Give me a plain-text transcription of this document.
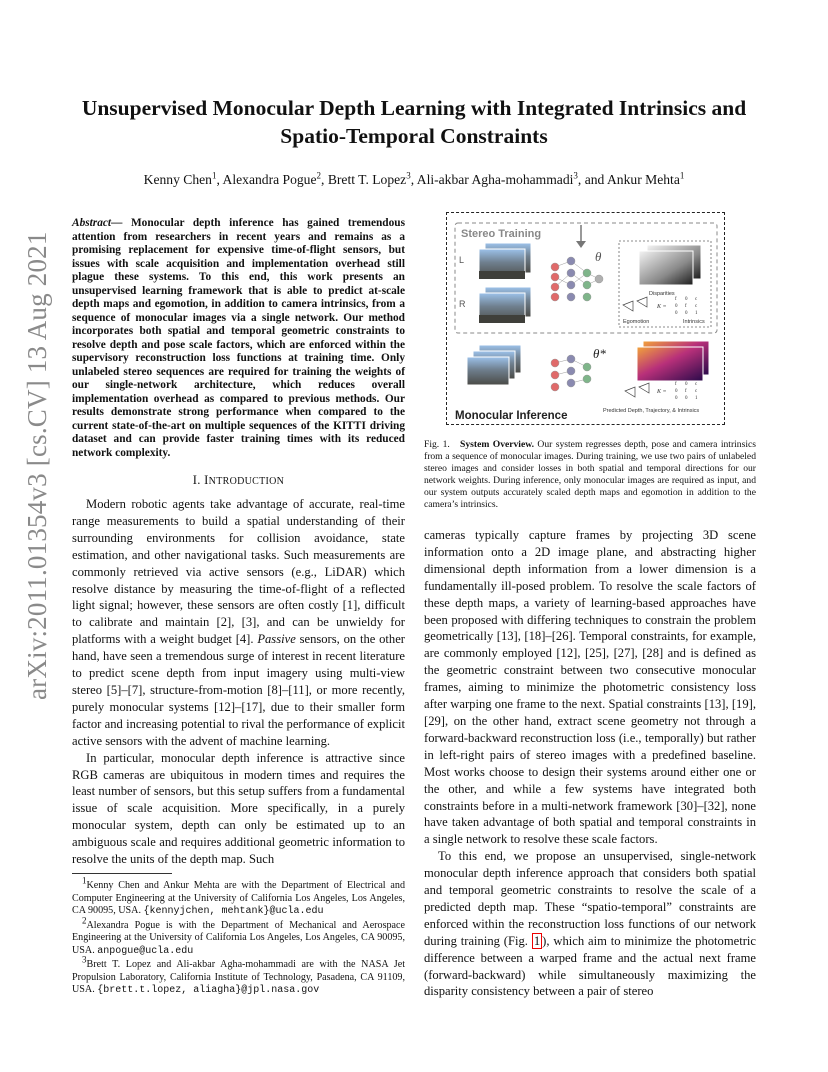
Unsupervised Monocular Depth Learning with Integrated Intrinsics and Spatio-Temporal Constraints
Kenny Chen$^1$, Alexandra Pogue$^2$, Brett T. Lopez$^3$, Ali-akbar Agha-mohammadi$^3$, and Ankur Mehta$^1$
arXiv:2011.01354v3 [cs.CV] 13 Aug 2021
Abstract— Monocular depth inference has gained tremendous attention from researchers in recent years and remains as a promising replacement for expensive time-of-flight sensors, but issues with scale acquisition and implementation overhead still plague these systems. To this end, this work presents an unsupervised learning framework that is able to predict at-scale depth maps and egomotion, in addition to camera intrinsics, from a sequence of monocular images via a single network. Our method incorporates both spatial and temporal geometric constraints to resolve depth and pose scale factors, which are enforced within the supervisory reconstruction loss functions at training time. Only unlabeled stereo sequences are required for training the weights of our single-network architecture, which reduces overall implementation overhead as compared to previous methods. Our results demonstrate strong performance when compared to the current state-of-the-art on multiple sequences of the KITTI driving dataset and can provide faster training times with its reduced network complexity.
I. INTRODUCTION

Modern robotic agents take advantage of accurate, real-time range measurements to build a spatial understanding of their surrounding environments for collision avoidance, state estimation, and other navigational tasks. Such measurements are commonly retrieved via active sensors (e.g., LiDAR) which resolve distance by measuring the time-of-flight of a reflected light signal; however, these sensors are often costly [1], difficult to calibrate and maintain [2], [3], and can be unwieldy for platforms with a weight budget [4]. Passive sensors, on the other hand, have seen a tremendous surge of interest in recent literature to predict scene depth from input imagery using multi-view stereo [5]–[7], structure-from-motion [8]–[11], or more recently, purely monocular systems [12]–[17], due to their smaller form factor and increasing potential to rival the performance of explicit active sensors with the advent of machine learning.

In particular, monocular depth inference is attractive since RGB cameras are ubiquitous in modern times and requires the least number of sensors, but this setup suffers from a fundamental issue of scale acquisition. More specifically, in a purely monocular system, depth can only be estimated up to an ambiguous scale and requires additional geometric information to resolve the units of the depth map. Such

$^1$Kenny Chen and Ankur Mehta are with the Department of Electrical and Computer Engineering at the University of California Los Angeles, Los Angeles, CA 90095, USA. {kennyjchen, mehtank}@ucla.edu

$^2$Alexandra Pogue is with the Department of Mechanical and Aerospace Engineering at the University of California Los Angeles, Los Angeles, CA 90095, USA. anpogue@ucla.edu

$^3$Brett T. Lopez and Ali-akbar Agha-mohammadi are with the NASA Jet Propulsion Laboratory, California Institute of Technology, Pasadena, CA 91109, USA. {brett.t.lopez, aliagha}@jpl.nasa.gov

Stereo Training
L
R
θ
Disparities
Egomotion
K =
f 0 c
0 f c
0 0 1
Intrinsics
θ*
K =
f 0 c
0 f c
0 0 1
Monocular Inference	Predicted Depth, Trajectory, & Intrinsics
Fig. 1. System Overview. Our system regresses depth, pose and camera intrinsics from a sequence of monocular images. During training, we use two pairs of unlabeled stereo images and consider losses in both spatial and temporal directions for our network weights. During inference, only monocular images are required as input, and our system outputs accurately scaled depth maps and egomotion in addition to the camera’s intrinsics.

cameras typically capture frames by projecting 3D scene information onto a 2D image plane, and abstracting higher dimensional depth information from a lower dimension is a fundamentally ill-posed problem. To resolve the scale factors of these depth maps, a variety of learning-based approaches have been proposed with differing techniques to constrain the problem geometrically [13], [18]–[26]. Temporal constraints, for example, are commonly employed [12], [25], [27], [28] and is defined as the geometric constraint between two consecutive monocular frames, aiming to minimize the photometric consistency loss after warping one frame to the next. Spatial constraints [13], [19], [29], on the other hand, extract scene geometry not through a forward-backward reconstruction loss (i.e., temporally) but rather in left-right pairs of stereo images with a predefined baseline. Most works choose to design their systems around either one or the other, and while a few systems have integrated both constraints before in a multi-network framework [30]–[32], none have taken advantage of both spatial and temporal constraints in a single network to resolve these scale factors.

To this end, we propose an unsupervised, single-network monocular depth inference approach that considers both spatial and temporal geometric constraints to resolve the scale of a predicted depth map. These “spatio-temporal” constraints are enforced within the reconstruction loss functions of our network during training (Fig. 1 ), which aim to minimize the photometric difference between a warped frame and the actual next frame (forward-backward) while simultaneously maximizing the disparity consistency between a pair of stereo
